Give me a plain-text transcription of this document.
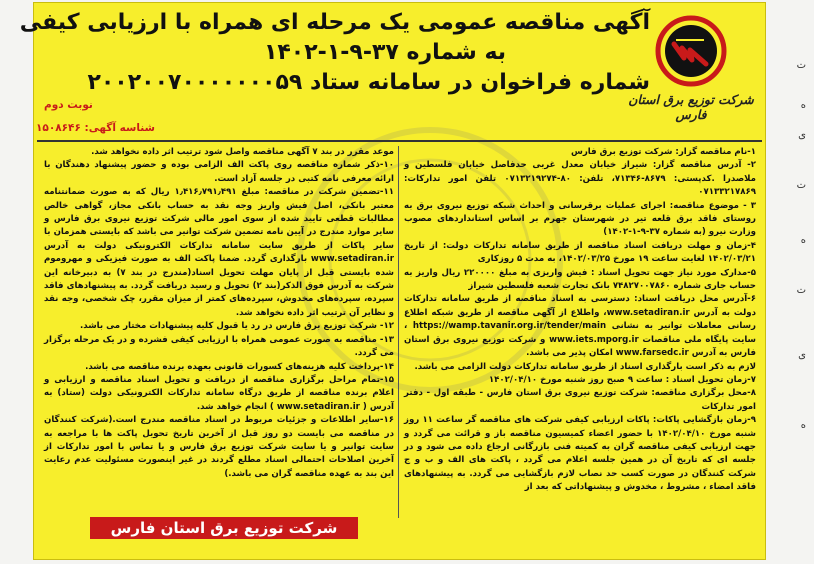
شرکت توزیع برق استان فارس
آگهی مناقصه عمومی یک مرحله ای همراه با ارزیابی کیفی
به شماره ۳۷-۹-۱-۱۴۰۲
شماره فراخوان در سامانه ستاد ۲۰۰۲۰۰۷۰۰۰۰۰۰۰۵۹
نوبت دوم
شناسه آگهی: ۱۵۰۸۶۴۶

۱-نام مناقصه گزار: شرکت توزیع برق فارس

۲- آدرس مناقصه گزار: شیراز خیابان معدل غربی حدفاصل خیابان فلسطین و ملاصدرا .کدپستی: ۸۶۷۹-۷۱۳۴۶، تلفن: ۸۰-۰۷۱۳۲۱۹۲۷۴ تلفن امور تدارکات: ۰۷۱۳۳۲۱۷۸۶۹

۳ - موضوع مناقصه: اجرای عملیات برقرسانی و احداث شبکه توزیع نیروی برق به روستای فاقد برق قلعه تیر در شهرستان جهرم بر اساس استانداردهای مصوب وزارت نیرو (به شماره ۳۷-۹-۱-۱۴۰۲)

۴-زمان و مهلت دریافت اسناد مناقصه از طریق سامانه تدارکات دولت: از تاریخ ۱۴۰۲/۰۳/۲۱ لغایت ساعت ۱۹ مورخ ۱۴۰۲/۰۳/۲۵، به مدت ۵ روزکاری

۵-مدارک مورد نیاز جهت تحویل اسناد : فیش واریزی به مبلغ ۲۲۰۰۰۰ ریال واریز به حساب جاری شماره ۷۴۸۲۷۰۰۷۸۶۰ بانک تجارت شعبه فلسطین شیراز

۶-آدرس محل دریافت اسناد: دسترسی به اسناد مناقصه از طریق سامانه تدارکات دولت به آدرس www.setadiran.ir، واطلاع از آگهی مناقصه از طریق شبکه اطلاع رسانی معاملات توانیر به نشانی https://wamp.tavanir.org.ir/tender/main ، سایت پایگاه ملی مناقصات www.iets.mporg.ir و شرکت توزیع نیروی برق استان فارس به آدرس www.farsedc.ir امکان پذیر می باشد.

لازم به ذکر است بارگذاری اسناد از طریق سامانه تدارکات دولت الزامی می باشد.

۷-زمان تحویل اسناد : ساعت ۹ صبح روز شنبه مورخ ۱۴۰۲/۰۴/۱۰

۸-محل برگزاری مناقصه: شرکت توزیع نیروی برق استان فارس - طبقه اول - دفتر امور تدارکات

۹-زمان بازگشایی پاکات: پاکات ارزیابی کیفی شرکت های مناقصه گر ساعت ۱۱ روز شنبه مورخ ۱۴۰۲/۰۴/۱۰ با حضور اعضاء کمیسیون مناقصه باز و قرائت می گردد و جهت ارزیابی کیفی مناقصه گران به کمیته فنی بازرگانی ارجاع داده می شود و در جلسه ای که تاریخ آن در همین جلسه اعلام می گردد ، پاکت های الف و ب و ج شرکت کنندگان در صورت کسب حد نصاب لازم بازگشایی می گردد. به پیشنهادهای فاقد امضاء ، مشروط ، مخدوش و پیشنهاداتی که بعد از

موعد مقرر در بند ۷ آگهی مناقصه واصل شود ترتیب اثر داده نخواهد شد.

۱۰-ذکر شماره مناقصه روی پاکت الف الزامی بوده و حضور پیشنهاد دهندگان با ارائه معرفی نامه کتبی در جلسه آزاد است.

۱۱-تضمین شرکت در مناقصه: مبلغ ۱٫۴۱۶٫۷۹۱٫۴۹۱ ریال که به صورت ضمانتنامه معتبر بانکی، اصل فیش واریز وجه نقد به حساب بانکی مجاز، گواهی خالص مطالبات قطعی تایید شده از سوی امور مالی شرکت توزیع نیروی برق فارس و سایر موارد مندرج در آیین نامه تضمین شرکت توانیر می باشد که بایستی همزمان با سایر پاکات از طریق سایت سامانه تدارکات الکترونیکی دولت به آدرس www.setadiran.ir بارگذاری گردد. ضمنا پاکت الف به صورت فیزیکی و مهروموم شده بایستی قبل از پایان مهلت تحویل اسناد(مندرج در بند ۷) به دبیرخانه این شرکت به آدرس فوق الذکر(بند ۲) تحویل و رسید دریافت گردد. به پیشنهادهای فاقد سپرده، سپرده‌های مخدوش، سپرده‌های کمتر از میزان مقرر، چک شخصی، وجه نقد و نظایر آن ترتیب اثر داده نخواهد شد.

۱۲- شرکت توزیع برق فارس در رد یا قبول کلیه پیشنهادات مختار می باشد.

۱۳- مناقصه به صورت عمومی همراه با ارزیابی کیفی فشرده و در یک مرحله برگزار می گردد.

۱۴-پرداخت کلیه هزینه‌های کسورات قانونی بعهده برنده مناقصه می باشد.

۱۵-تمام مراحل برگزاری مناقصه از دریافت و تحویل اسناد مناقصه و ارزیابی و اعلام برنده مناقصه از طریق درگاه سامانه تدارکات الکترونیکی دولت (ستاد) به آدرس ( www.setadiran.ir ) انجام خواهد شد.

۱۶-سایر اطلاعات و جزئیات مربوط در اسناد مناقصه مندرج است.(شرکت کنندگان در مناقصه می بایست دو روز قبل از آخرین تاریخ تحویل پاکت ها با مراجعه به سایت توانیر و یا سایت شرکت توزیع برق فارس و یا تماس با امور تدارکات از آخرین اصلاحات احتمالی اسناد مطلع گردند در غیر اینصورت مسئولیت عدم رعایت این بند به عهده مناقصه گران می باشد.)

شرکت توزیع برق استان فارس
ت
ه
ی
ت
ه
ت
ی
ه
